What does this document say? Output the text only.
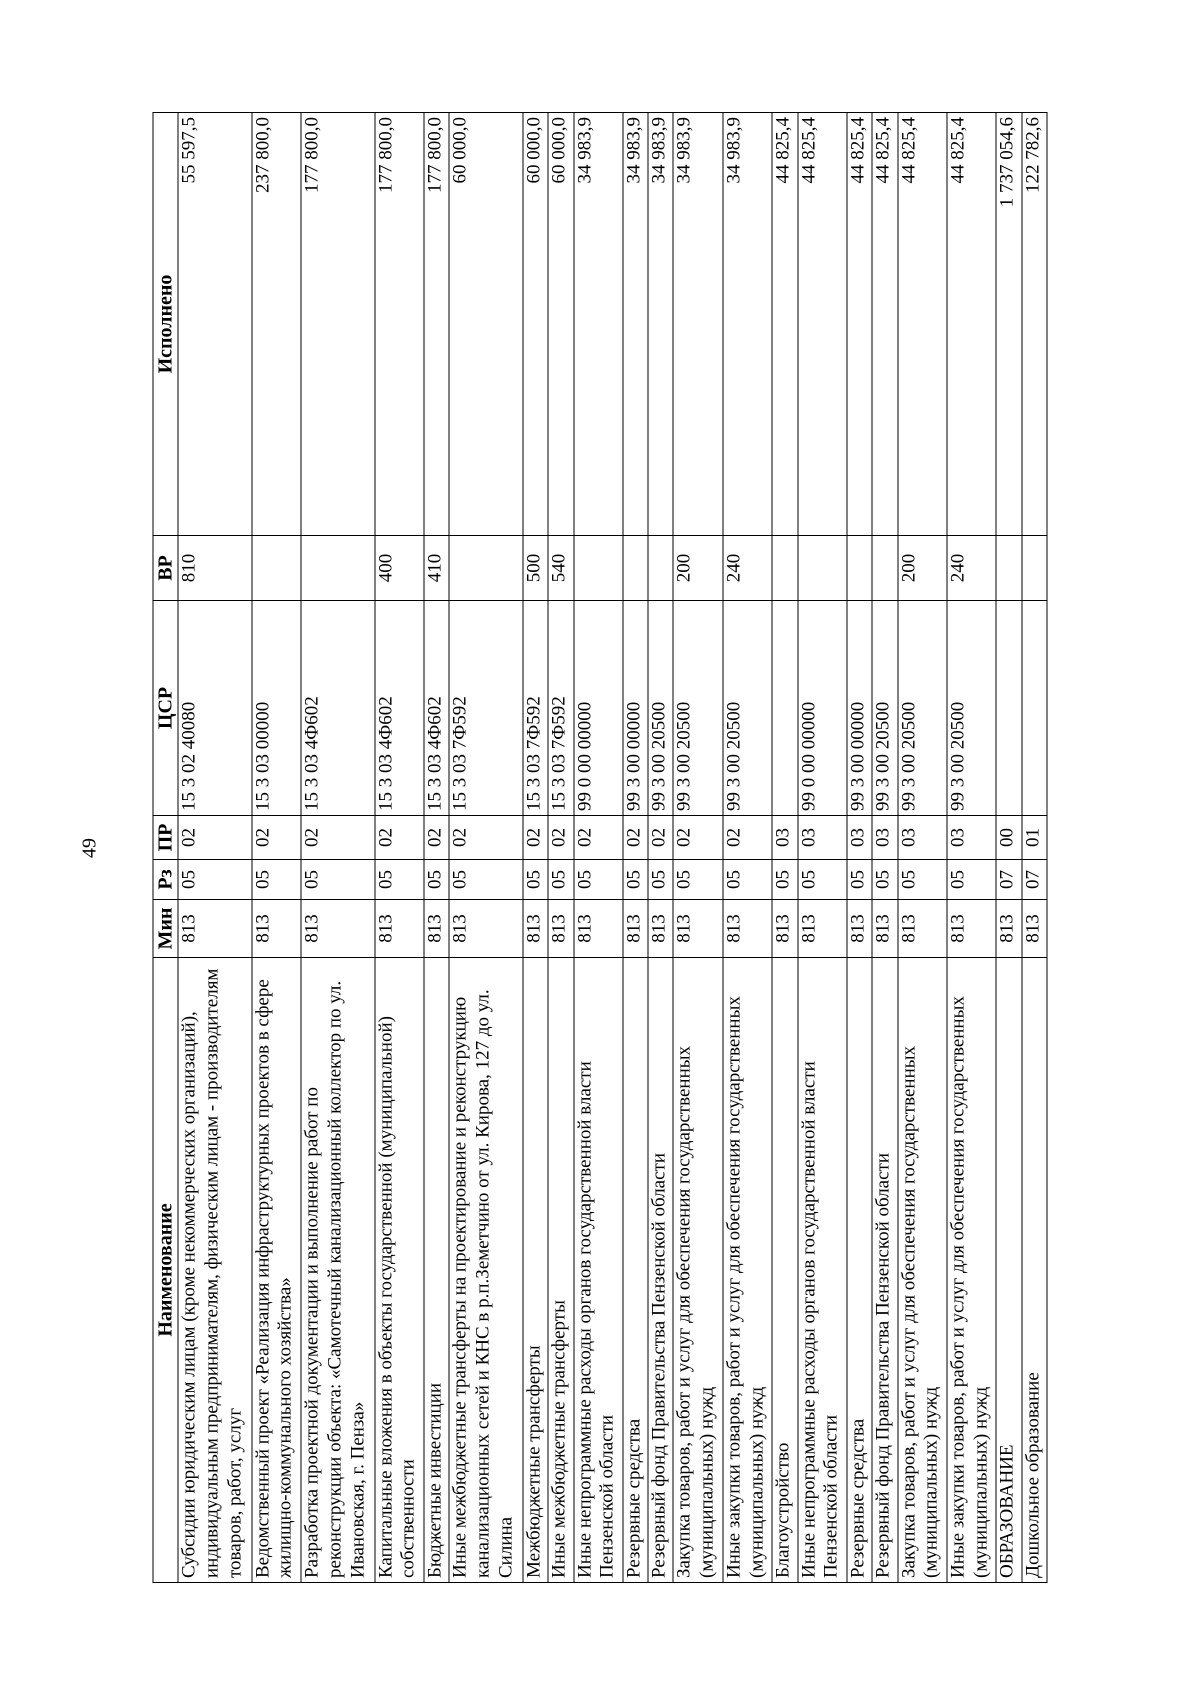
49
Наименование	Мин	Рз	ПР	ЦСР	ВР	Исполнено
Субсидии юридическим лицам (кроме некоммерческих организаций), индивидуальным предпринимателям, физическим лицам - производителям товаров, работ, услуг	813	05	02	15 3 02 40080	810	55 597,5
Ведомственный проект «Реализация инфраструктурных проектов в сфере жилищно-коммунального хозяйства»	813	05	02	15 3 03 00000		237 800,0
Разработка проектной документации и выполнение работ по реконструкции объекта: «Самотечный канализационный коллектор по ул. Ивановская, г. Пенза»	813	05	02	15 3 03 4Ф602		177 800,0
Капитальные вложения в объекты государственной (муниципальной) собственности	813	05	02	15 3 03 4Ф602	400	177 800,0
Бюджетные инвестиции	813	05	02	15 3 03 4Ф602	410	177 800,0
Иные межбюджетные трансферты на проектирование и реконструкцию канализационных сетей и КНС в р.п.Земетчино от ул. Кирова, 127 до ул. Силина	813	05	02	15 3 03 7Ф592		60 000,0
Межбюджетные трансферты	813	05	02	15 3 03 7Ф592	500	60 000,0
Иные межбюджетные трансферты	813	05	02	15 3 03 7Ф592	540	60 000,0
Иные непрограммные расходы органов государственной власти Пензенской области	813	05	02	99 0 00 00000		34 983,9
Резервные средства	813	05	02	99 3 00 00000		34 983,9
Резервный фонд Правительства Пензенской области	813	05	02	99 3 00 20500		34 983,9
Закупка товаров, работ и услуг для обеспечения государственных (муниципальных) нужд	813	05	02	99 3 00 20500	200	34 983,9
Иные закупки товаров, работ и услуг для обеспечения государственных (муниципальных) нужд	813	05	02	99 3 00 20500	240	34 983,9
Благоустройство	813	05	03			44 825,4
Иные непрограммные расходы органов государственной власти Пензенской области	813	05	03	99 0 00 00000		44 825,4
Резервные средства	813	05	03	99 3 00 00000		44 825,4
Резервный фонд Правительства Пензенской области	813	05	03	99 3 00 20500		44 825,4
Закупка товаров, работ и услуг для обеспечения государственных (муниципальных) нужд	813	05	03	99 3 00 20500	200	44 825,4
Иные закупки товаров, работ и услуг для обеспечения государственных (муниципальных) нужд	813	05	03	99 3 00 20500	240	44 825,4
ОБРАЗОВАНИЕ	813	07	00			1 737 054,6
Дошкольное образование	813	07	01			122 782,6
